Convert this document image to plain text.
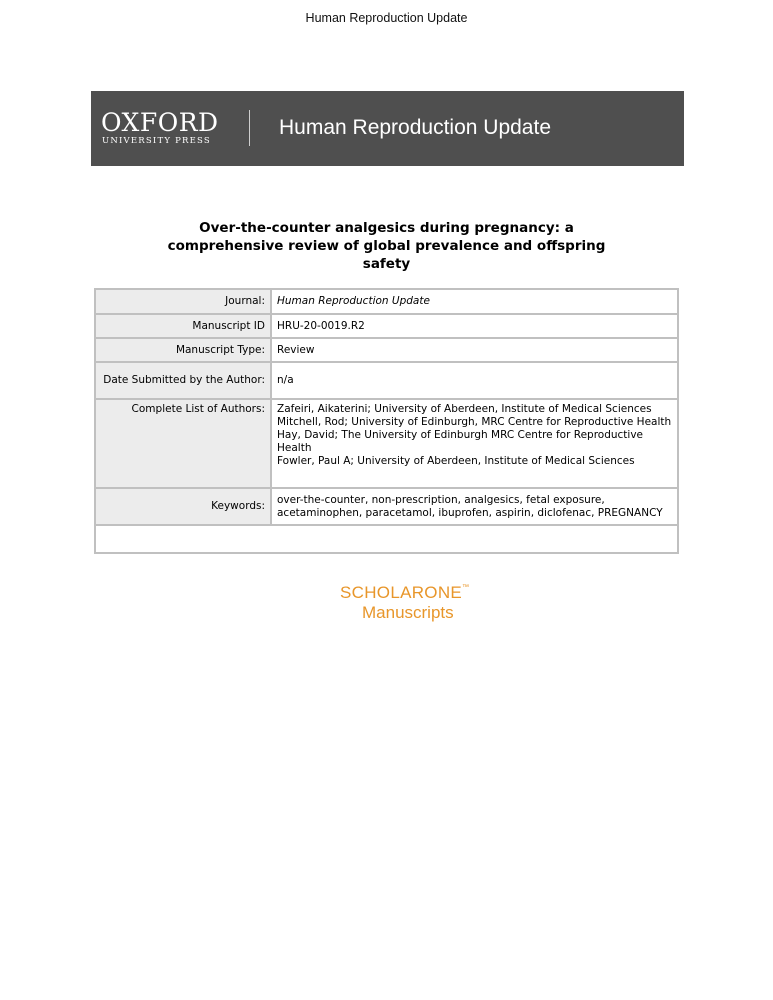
Human Reproduction Update
OXFORD
UNIVERSITY PRESS
Human Reproduction Update
Over-the-counter analgesics during pregnancy: a
comprehensive review of global prevalence and offspring
safety
Journal:	Human Reproduction Update
Manuscript ID	HRU-20-0019.R2
Manuscript Type:	Review
Date Submitted by the Author:	n/a
Complete List of Authors:	Zafeiri, Aikaterini; University of Aberdeen, Institute of Medical Sciences
Mitchell, Rod; University of Edinburgh, MRC Centre for Reproductive Health
Hay, David; The University of Edinburgh MRC Centre for Reproductive Health
Fowler, Paul A; University of Aberdeen, Institute of Medical Sciences

Keywords:	over-the-counter, non-prescription, analgesics, fetal exposure, acetaminophen, paracetamol, ibuprofen, aspirin, diclofenac, PREGNANCY

SCHOLARONE™
Manuscripts
